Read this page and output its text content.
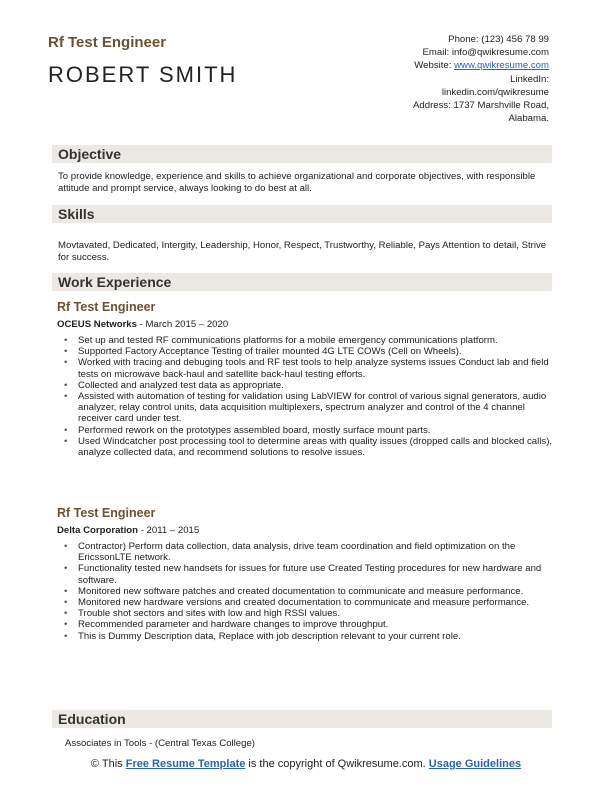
Rf Test Engineer
ROBERT SMITH
Phone: (123) 456 78 99
Email: info@qwikresume.com
Website: www.qwikresume.com
LinkedIn:
linkedin.com/qwikresume
Address: 1737 Marshville Road,
Alabama.
Objective
To provide knowledge, experience and skills to achieve organizational and corporate objectives, with responsible attitude and prompt service, always looking to do best at all.
Skills
Movtavated, Dedicated, Intergity, Leadership, Honor, Respect, Trustworthy, Reliable, Pays Attention to detail, Strive for success.
Work Experience
Rf Test Engineer
OCEUS Networks - March 2015 – 2020
• Set up and tested RF communications platforms for a mobile emergency communications platform.
• Supported Factory Acceptance Testing of trailer mounted 4G LTE COWs (Cell on Wheels).
• Worked with tracing and debuging tools and RF test tools to help analyze systems issues Conduct lab and field tests on microwave back-haul and satellite back-haul testing efforts.
• Collected and analyzed test data as appropriate.
• Assisted with automation of testing for validation using LabVIEW for control of various signal generators, audio analyzer, relay control units, data acquisition multiplexers, spectrum analyzer and control of the 4 channel receiver card under test.
• Performed rework on the prototypes assembled board, mostly surface mount parts.
• Used Windcatcher post processing tool to determine areas with quality issues (dropped calls and blocked calls), analyze collected data, and recommend solutions to resolve issues.
Rf Test Engineer
Delta Corporation - 2011 – 2015
• Contractor) Perform data collection, data analysis, drive team coordination and field optimization on the EricssonLTE network.
• Functionality tested new handsets for issues for future use Created Testing procedures for new hardware and software.
• Monitored new software patches and created documentation to communicate and measure performance.
• Monitored new hardware versions and created documentation to communicate and measure performance.
• Trouble shot sectors and sites with low and high RSSI values.
• Recommended parameter and hardware changes to improve throughput.
• This is Dummy Description data, Replace with job description relevant to your current role.
Education
Associates in Tools - (Central Texas College)
© This Free Resume Template is the copyright of Qwikresume.com. Usage Guidelines
